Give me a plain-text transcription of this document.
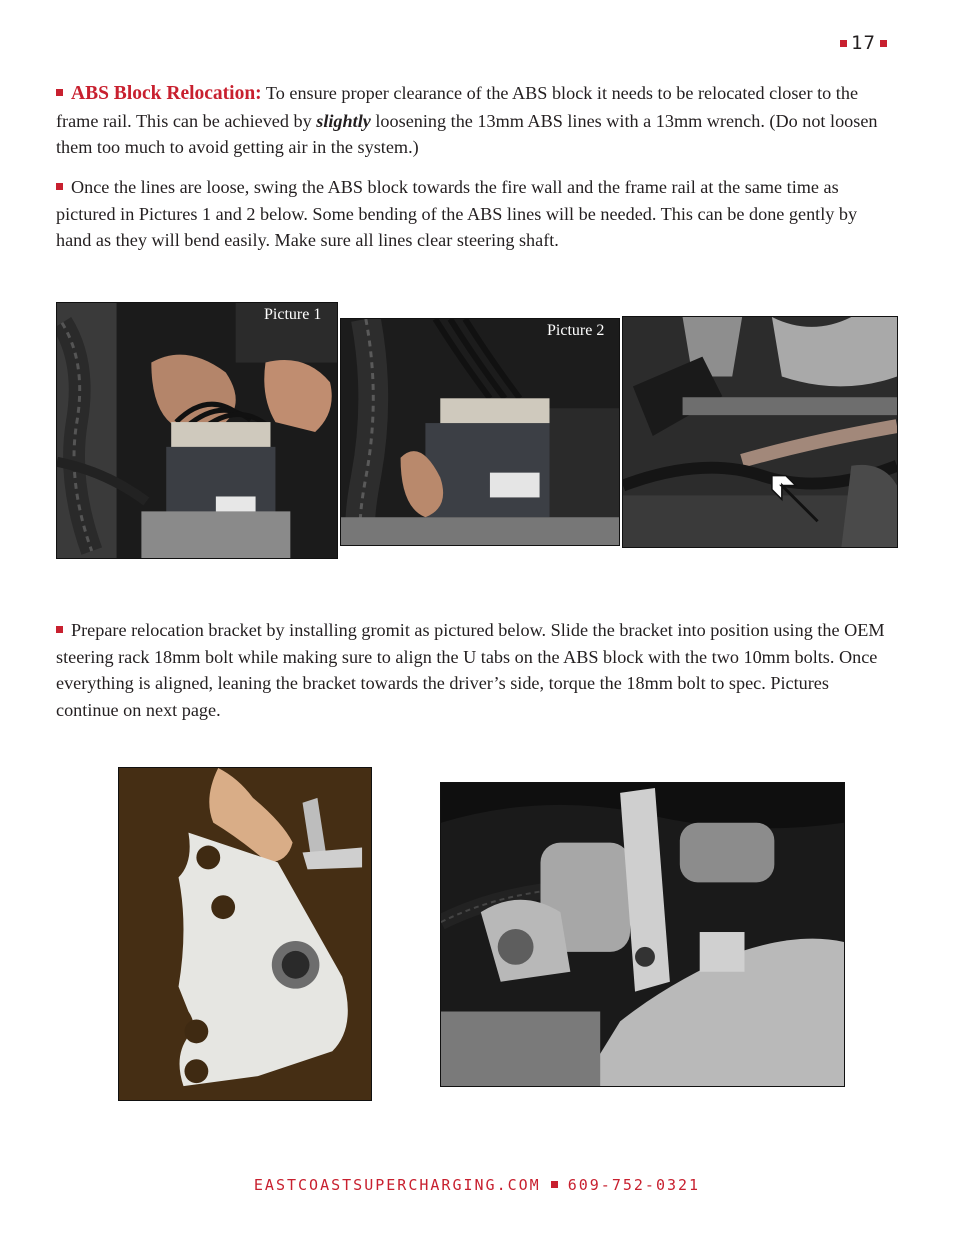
17

ABS Block Relocation: To ensure proper clearance of the ABS block it needs to be relocated closer to the frame rail. This can be achieved by slightly loosening the 13mm ABS lines with a 13mm wrench. (Do not loosen them too much to avoid getting air in the system.)

Once the lines are loose, swing the ABS block towards the fire wall and the frame rail at the same time as pictured in Pictures 1 and 2 below. Some bending of the ABS lines will be needed. This can be done gently by hand as they will bend easily. Make sure all lines clear steering shaft.

Picture 1
Picture 2

Prepare relocation bracket by installing gromit as pictured below. Slide the bracket into position using the OEM steering rack 18mm bolt while making sure to align the U tabs on the ABS block with the two 10mm bolts. Once everything is aligned, leaning the bracket towards the driver’s side, torque the 18mm bolt to spec. Pictures continue on next page.

EASTCOASTSUPERCHARGING.COM 609-752-0321
